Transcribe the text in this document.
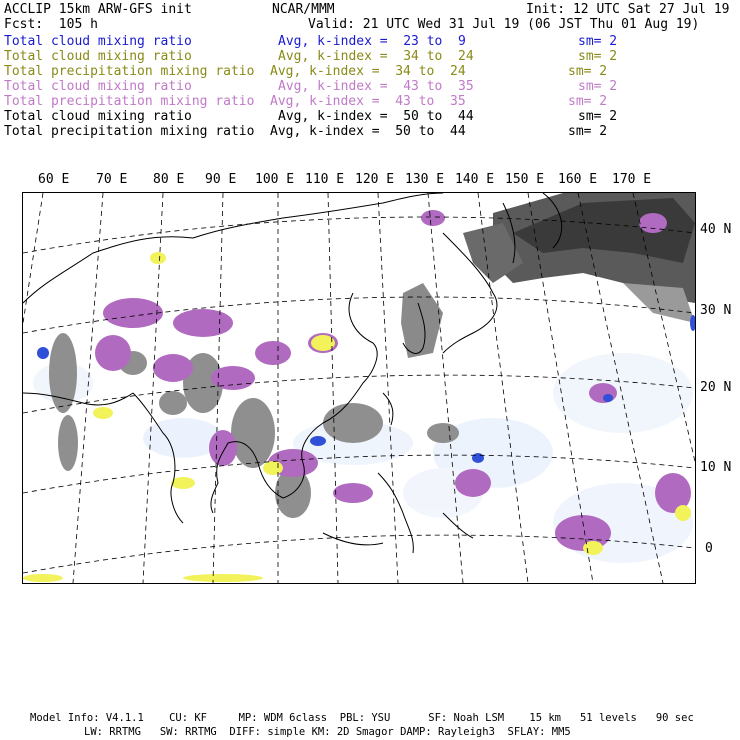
ACCLIP 15km ARW-GFS init	NCAR/MMM	Init: 12 UTC Sat 27 Jul 19
Fcst:  105 h	Valid: 21 UTC Wed 31 Jul 19 (06 JST Thu 01 Aug 19)
Total cloud mixing ratio	Avg, k-index =  23 to  9	sm= 2
Total cloud mixing ratio	Avg, k-index =  34 to  24	sm= 2
Total precipitation mixing ratio Avg, k-index =  34 to  24	sm= 2
Total cloud mixing ratio	Avg, k-index =  43 to  35	sm= 2
Total precipitation mixing ratio Avg, k-index =  43 to  35	sm= 2
Total cloud mixing ratio	Avg, k-index =  50 to  44	sm= 2
Total precipitation mixing ratio Avg, k-index =  50 to  44	sm= 2
60 E 70 E 80 E 90 E 100 E 110 E 120 E 130 E 140 E 150 E 160 E 170 E
40 N
30 N
20 N
10 N
0
Model Info: V4.1.1    CU: KF     MP: WDM 6class  PBL: YSU      SF: Noah LSM    15 km   51 levels   90 sec
LW: RRTMG   SW: RRTMG  DIFF: simple KM: 2D Smagor DAMP: Rayleigh3  SFLAY: MM5
